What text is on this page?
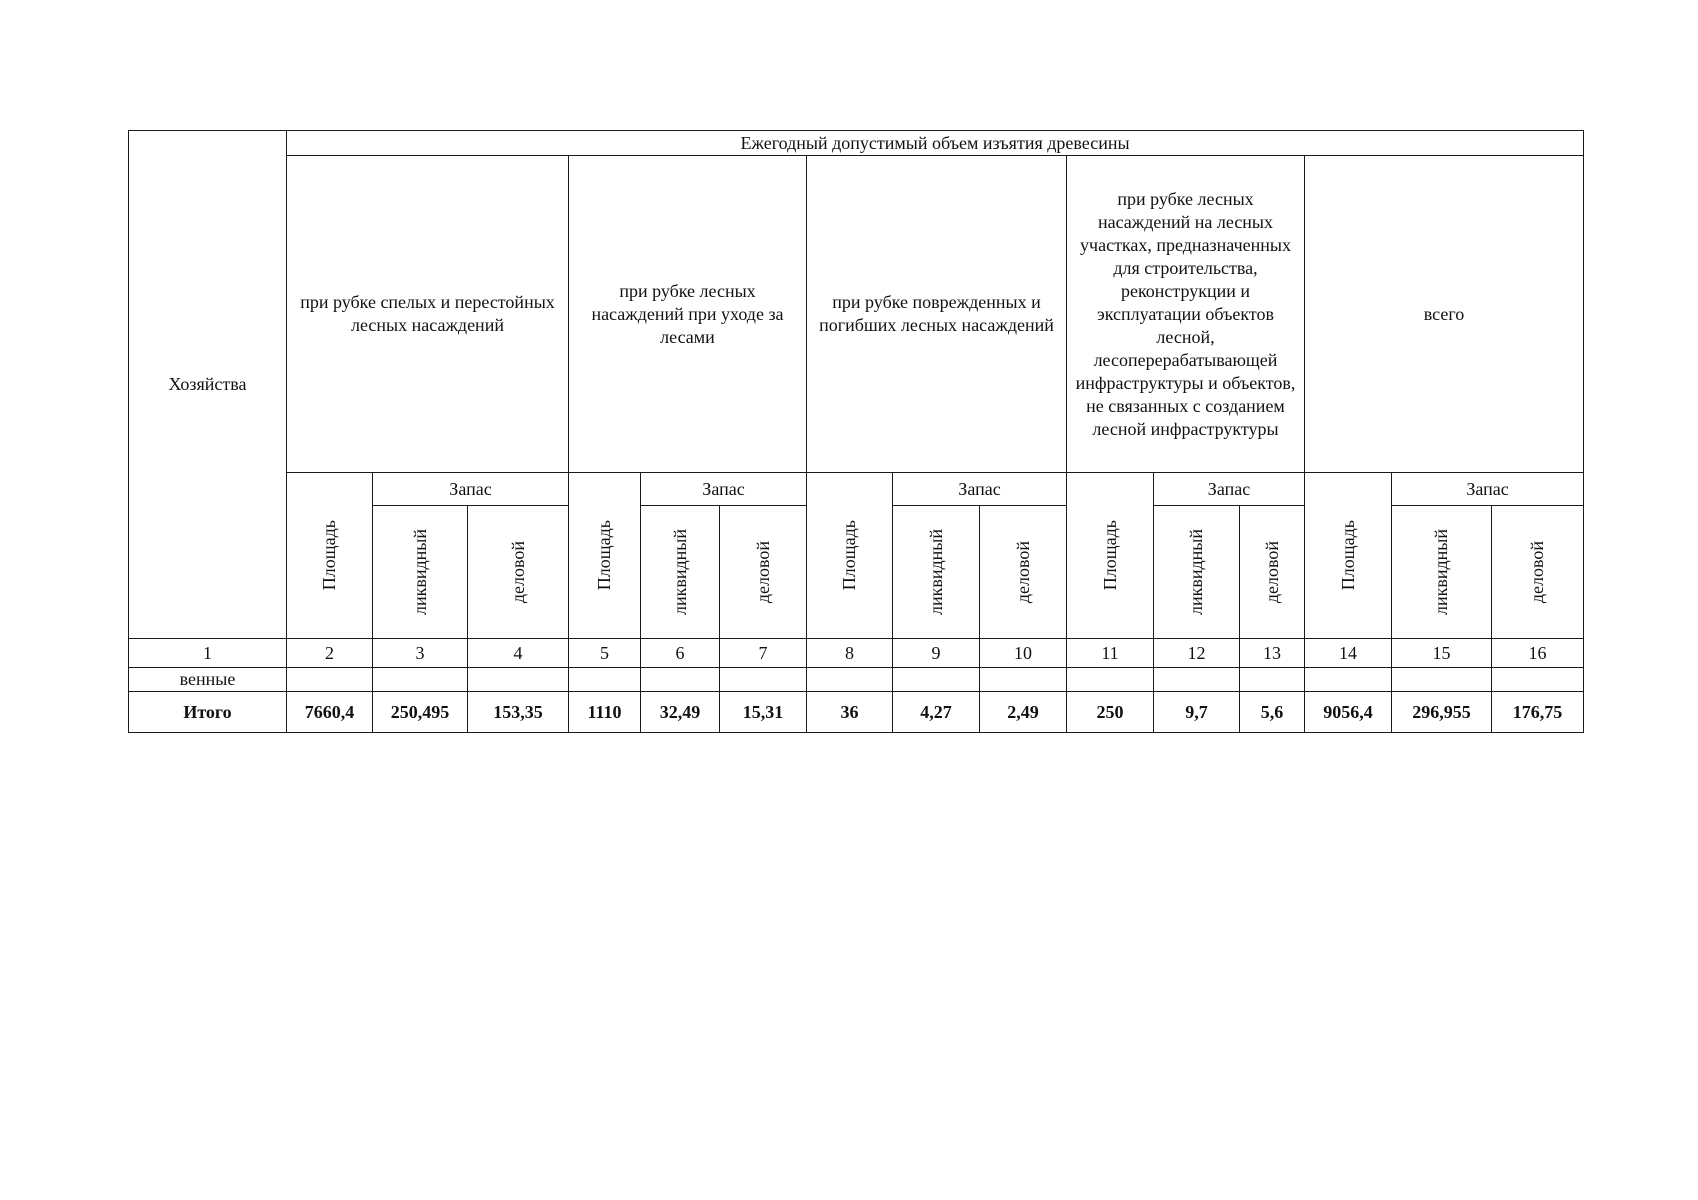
Хозяйства	Ежегодный допустимый объем изъятия древесины														
	при рубке спелых и перестойных лесных насаждений			при рубке лесных насаждений при уходе за лесами			при рубке поврежденных и погибших лесных насаждений			при рубке лесных насаждений на лесных участках, предназначенных для строительства, реконструкции и эксплуатации объектов лесной, лесоперерабатывающей инфраструктуры и объектов, не связанных с созданием лесной инфраструктуры			всего		

	Площадь	Запас		Площадь	Запас		Площадь	Запас		Площадь	Запас		Площадь	Запас	

		ликвидный	деловой		ликвидный	деловой		ликвидный	деловой		ликвидный	деловой		ликвидный	деловой

1	2	3	4	5	6	7	8	9	10	11	12	13	14	15	16
венные															
Итого	7660,4	250,495	153,35	1110	32,49	15,31	36	4,27	2,49	250	9,7	5,6	9056,4	296,955	176,75
